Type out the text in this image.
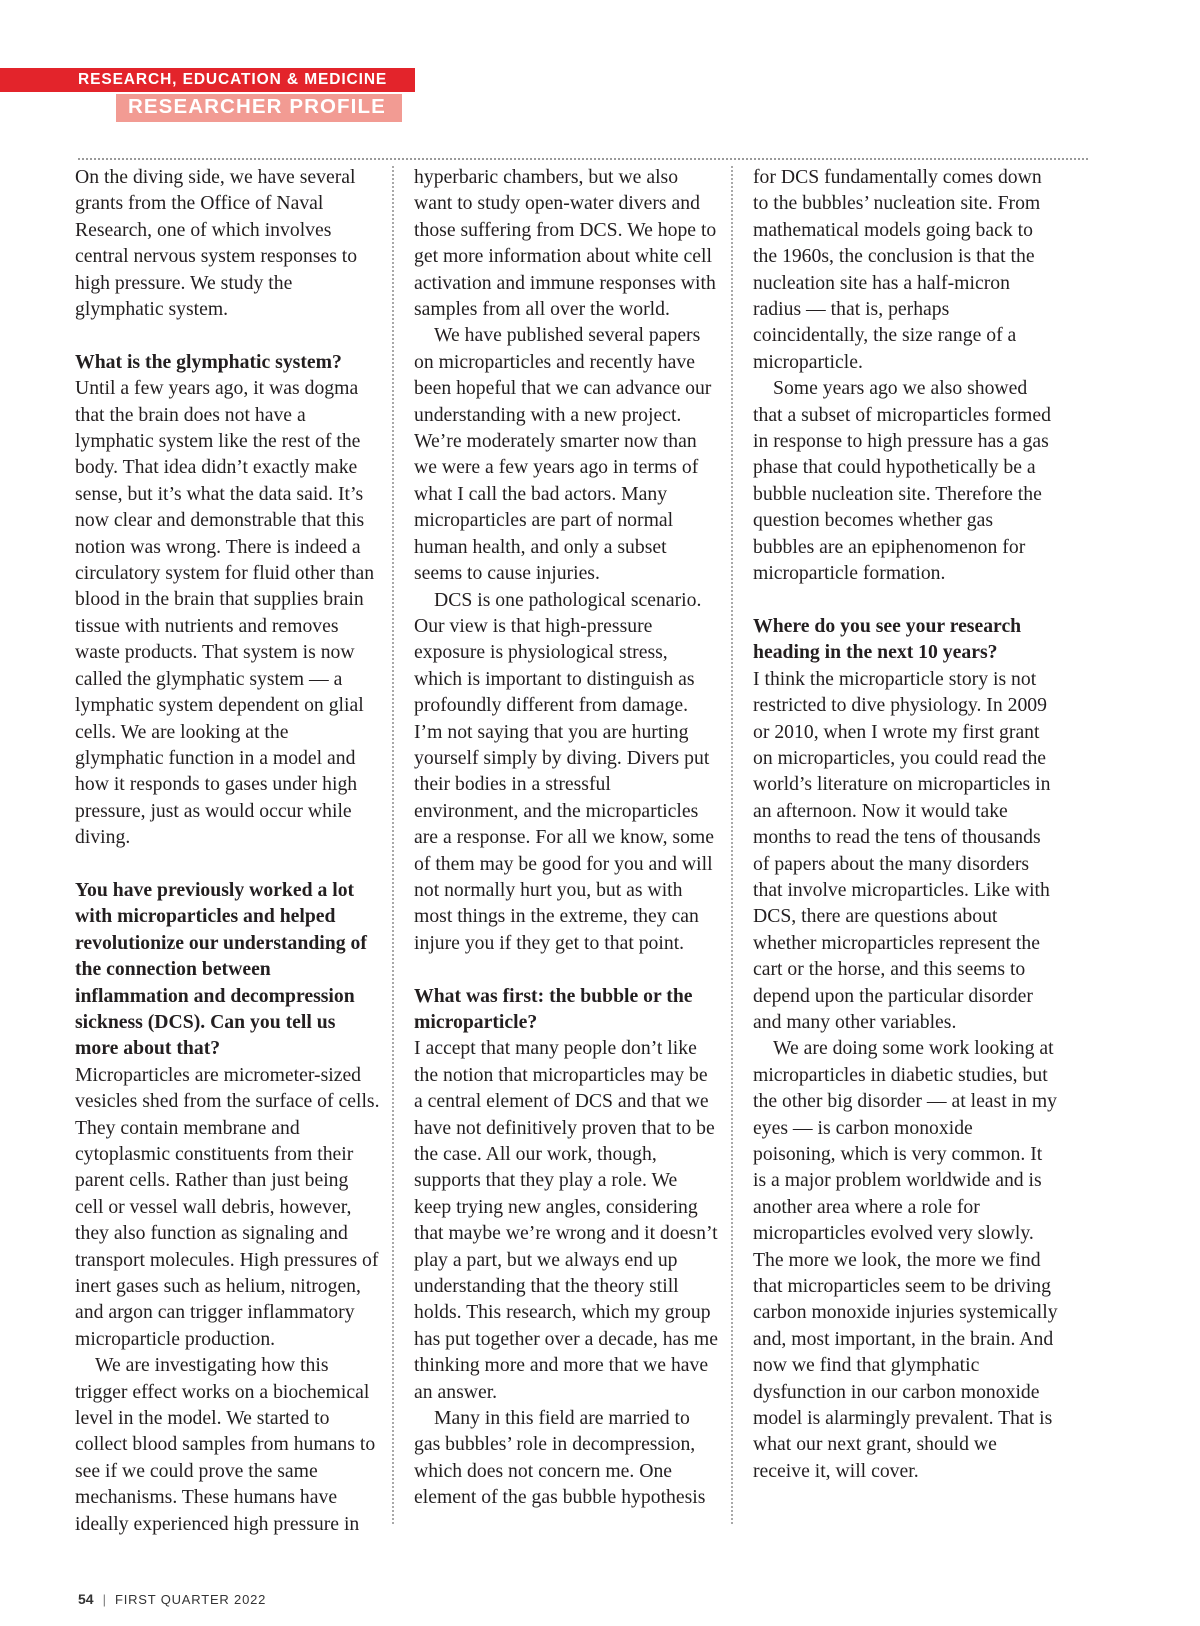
RESEARCH, EDUCATION & MEDICINE
RESEARCHER PROFILE

On the diving side, we have several grants from the Office of Naval Research, one of which involves central nervous system responses to high pressure. We study the glymphatic system.

What is the glymphatic system?

Until a few years ago, it was dogma that the brain does not have a lymphatic system like the rest of the body. That idea didn’t exactly make sense, but it’s what the data said. It’s now clear and demonstrable that this notion was wrong. There is indeed a circulatory system for fluid other than blood in the brain that supplies brain tissue with nutrients and removes waste products. That system is now called the glymphatic system — a lymphatic system dependent on glial cells. We are looking at the glymphatic function in a model and how it responds to gases under high pressure, just as would occur while diving.

You have previously worked a lot with microparticles and helped revolutionize our understanding of the connection between inflammation and decompression sickness (DCS). Can you tell us more about that?

Microparticles are micrometer-sized vesicles shed from the surface of cells. They contain membrane and cytoplasmic constituents from their parent cells. Rather than just being cell or vessel wall debris, however, they also function as signaling and transport molecules. High pressures of inert gases such as helium, nitrogen, and argon can trigger inflammatory microparticle production.

We are investigating how this trigger effect works on a biochemical level in the model. We started to collect blood samples from humans to see if we could prove the same mechanisms. These humans have ideally experienced high pressure in

hyperbaric chambers, but we also want to study open-water divers and those suffering from DCS. We hope to get more information about white cell activation and immune responses with samples from all over the world.

We have published several papers on microparticles and recently have been hopeful that we can advance our understanding with a new project. We’re moderately smarter now than we were a few years ago in terms of what I call the bad actors. Many microparticles are part of normal human health, and only a subset seems to cause injuries.

DCS is one pathological scenario. Our view is that high-pressure exposure is physiological stress, which is important to distinguish as profoundly different from damage. I’m not saying that you are hurting yourself simply by diving. Divers put their bodies in a stressful environment, and the microparticles are a response. For all we know, some of them may be good for you and will not normally hurt you, but as with most things in the extreme, they can injure you if they get to that point.

What was first: the bubble or the microparticle?

I accept that many people don’t like the notion that microparticles may be a central element of DCS and that we have not definitively proven that to be the case. All our work, though, supports that they play a role. We keep trying new angles, considering that maybe we’re wrong and it doesn’t play a part, but we always end up understanding that the theory still holds. This research, which my group has put together over a decade, has me thinking more and more that we have an answer.

Many in this field are married to gas bubbles’ role in decompression, which does not concern me. One element of the gas bubble hypothesis

for DCS fundamentally comes down to the bubbles’ nucleation site. From mathematical models going back to the 1960s, the conclusion is that the nucleation site has a half-micron radius — that is, perhaps coincidentally, the size range of a microparticle.

Some years ago we also showed that a subset of microparticles formed in response to high pressure has a gas phase that could hypothetically be a bubble nucleation site. Therefore the question becomes whether gas bubbles are an epiphenomenon for microparticle formation.

Where do you see your research heading in the next 10 years?

I think the microparticle story is not restricted to dive physiology. In 2009 or 2010, when I wrote my first grant on microparticles, you could read the world’s literature on microparticles in an afternoon. Now it would take months to read the tens of thousands of papers about the many disorders that involve microparticles. Like with DCS, there are questions about whether microparticles represent the cart or the horse, and this seems to depend upon the particular disorder and many other variables.

We are doing some work looking at microparticles in diabetic studies, but the other big disorder — at least in my eyes — is carbon monoxide poisoning, which is very common. It is a major problem worldwide and is another area where a role for microparticles evolved very slowly. The more we look, the more we find that microparticles seem to be driving carbon monoxide injuries systemically and, most important, in the brain. And now we find that glymphatic dysfunction in our carbon monoxide model is alarmingly prevalent. That is what our next grant, should we receive it, will cover.

54 | FIRST QUARTER 2022
